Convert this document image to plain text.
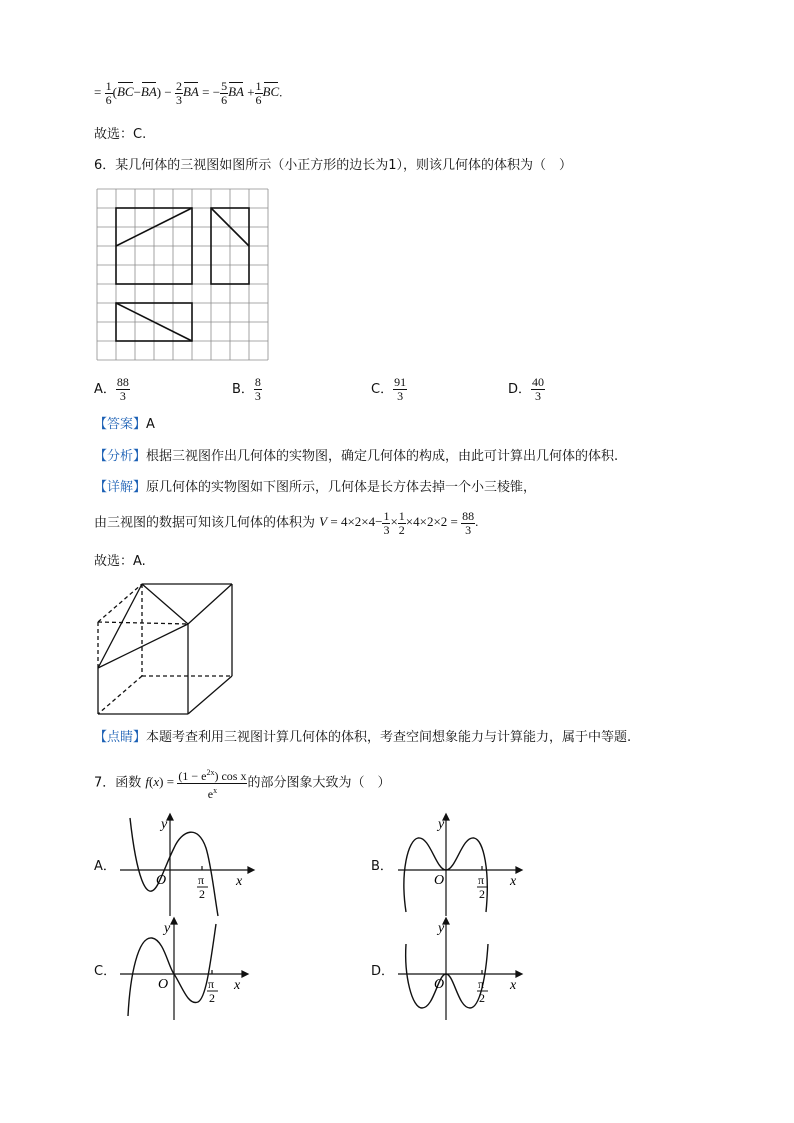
= $\frac{1}{6} (BC-BA) - \frac{2}{3}$ BA = − $\frac{5}{6}$ BA + $\frac{1}{6}$ BC.
故选：C.
6．某几何体的三视图如图所示（小正方形的边长为1），则该几何体的体积为（　）
A． $\frac{88}{3}$	B． $\frac{8}{3}$	C． $\frac{91}{3}$	D． $\frac{40}{3}$
【答案】A
【分析】根据三视图作出几何体的实物图，确定几何体的构成，由此可计算出几何体的体积.
【详解】原几何体的实物图如下图所示，几何体是长方体去掉一个小三棱锥，
由三视图的数据可知该几何体的体积为 $V = 4\times 2\times 4- \frac{1}{3} \times \frac{1}{2} \times 4\times 2\times 2 = \frac{88}{3}$ .
故选：A.
【点睛】本题考查利用三视图计算几何体的体积，考查空间想象能力与计算能力，属于中等题.
7．函数 $f(x) = \frac{(1 - e^{2x}) \cos x}{e^x}$ 的部分图象大致为（　）
A．
O
y
x
π
2
B．
O
y
x
π
2
C．
O
y
x
π
2
D．
O
y
x
π
2
